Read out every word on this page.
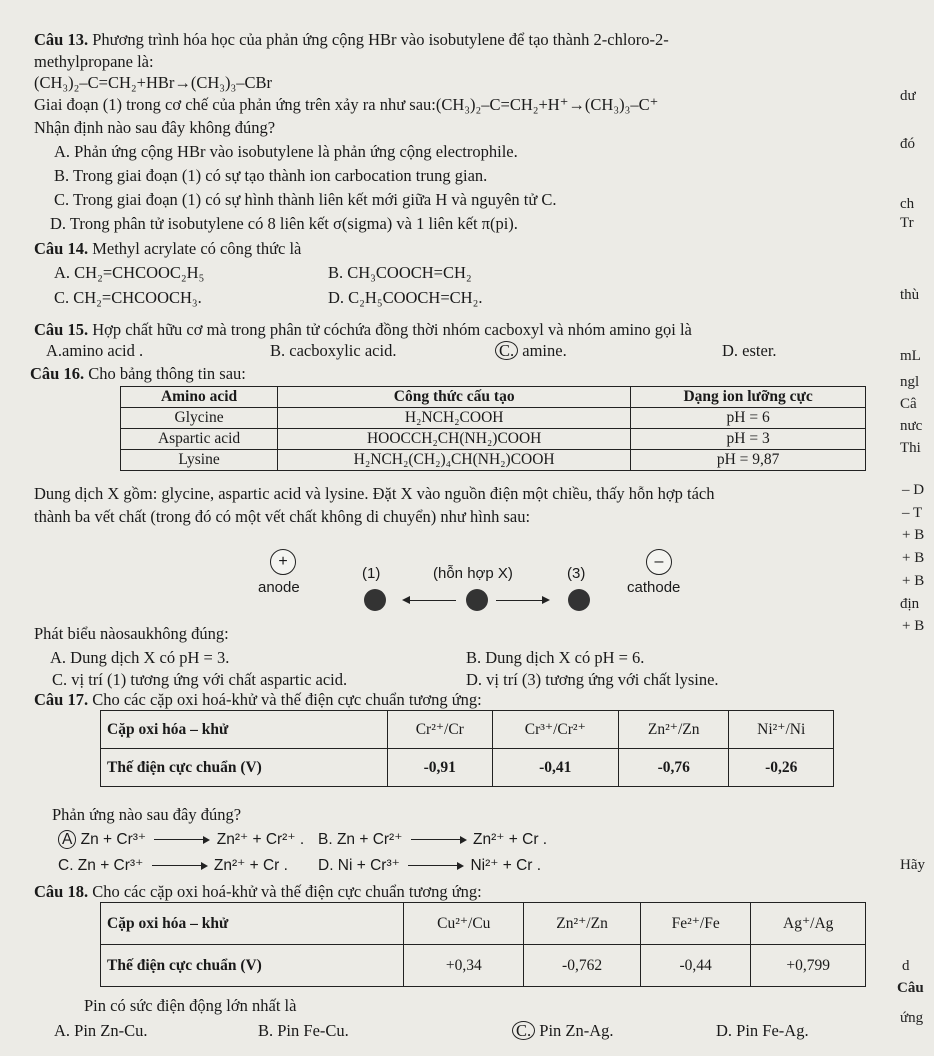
Câu 13. Phương trình hóa học của phản ứng cộng HBr vào isobutylene để tạo thành 2-chloro-2-
methylpropane là:
(CH₃)₂–C=CH₂+HBr→(CH₃)₃–CBr
Giai đoạn (1) trong cơ chế của phản ứng trên xảy ra như sau:(CH₃)₂–C=CH₂+H⁺→(CH₃)₃–C⁺
Nhận định nào sau đây không đúng?
A. Phản ứng cộng HBr vào isobutylene là phản ứng cộng electrophile.
B. Trong giai đoạn (1) có sự tạo thành ion carbocation trung gian.
C. Trong giai đoạn (1) có sự hình thành liên kết mới giữa H và nguyên tử C.
D. Trong phân tử isobutylene có 8 liên kết σ(sigma) và 1 liên kết π(pi).
Câu 14. Methyl acrylate có công thức là
A. CH₂=CHCOOC₂H₅	B. CH₃COOCH=CH₂
C. CH₂=CHCOOCH₃.	D. C₂H₅COOCH=CH₂.
Câu 15. Hợp chất hữu cơ mà trong phân tử cóchứa đồng thời nhóm cacboxyl và nhóm amino gọi là
A.amino acid .	B. cacboxylic acid.	C. amine.	D. ester.
Câu 16. Cho bảng thông tin sau:
Amino acid	Công thức cấu tạo	Dạng ion lưỡng cực
Glycine	H₂NCH₂COOH	pH = 6
Aspartic acid	HOOCCH₂CH(NH₂)COOH	pH = 3
Lysine	H₂NCH₂(CH₂)₄CH(NH₂)COOH	pH = 9,87
Dung dịch X gồm: glycine, aspartic acid và lysine. Đặt X vào nguồn điện một chiều, thấy hỗn hợp tách
thành ba vết chất (trong đó có một vết chất không di chuyển) như hình sau:
+	–
anode	cathode
(1)	(hỗn hợp X)	(3)
Phát biểu nàosaukhông đúng:
A. Dung dịch X có pH = 3.	B. Dung dịch X có pH = 6.
C. vị trí (1) tương ứng với chất aspartic acid.	D. vị trí (3) tương ứng với chất lysine.
Câu 17. Cho các cặp oxi hoá-khử và thế điện cực chuẩn tương ứng:
Cặp oxi hóa – khử	Cr²⁺/Cr	Cr³⁺/Cr²⁺	Zn²⁺/Zn	Ni²⁺/Ni
Thế điện cực chuẩn (V)	-0,91	-0,41	-0,76	-0,26
Phản ứng nào sau đây đúng?
A Zn + Cr³⁺ → Zn²⁺ + Cr²⁺ . B. Zn + Cr²⁺ → Zn²⁺ + Cr .
C. Zn + Cr³⁺ → Zn²⁺ + Cr . D. Ni + Cr³⁺ → Ni²⁺ + Cr .
Câu 18. Cho các cặp oxi hoá-khử và thế điện cực chuẩn tương ứng:
Cặp oxi hóa – khử	Cu²⁺/Cu	Zn²⁺/Zn	Fe²⁺/Fe	Ag⁺/Ag
Thế điện cực chuẩn (V)	+0,34	-0,762	-0,44	+0,799
Pin có sức điện động lớn nhất là
A. Pin Zn-Cu.	B. Pin Fe-Cu.	C. Pin Zn-Ag.	D. Pin Fe-Ag.
dư
đó
ch
Tr
thù
mL
ngl
Câ
nưc
Thi
– D
– T
+ B
+ B
+ B
địn
+ B
Hãy
d
Câu
ứng
